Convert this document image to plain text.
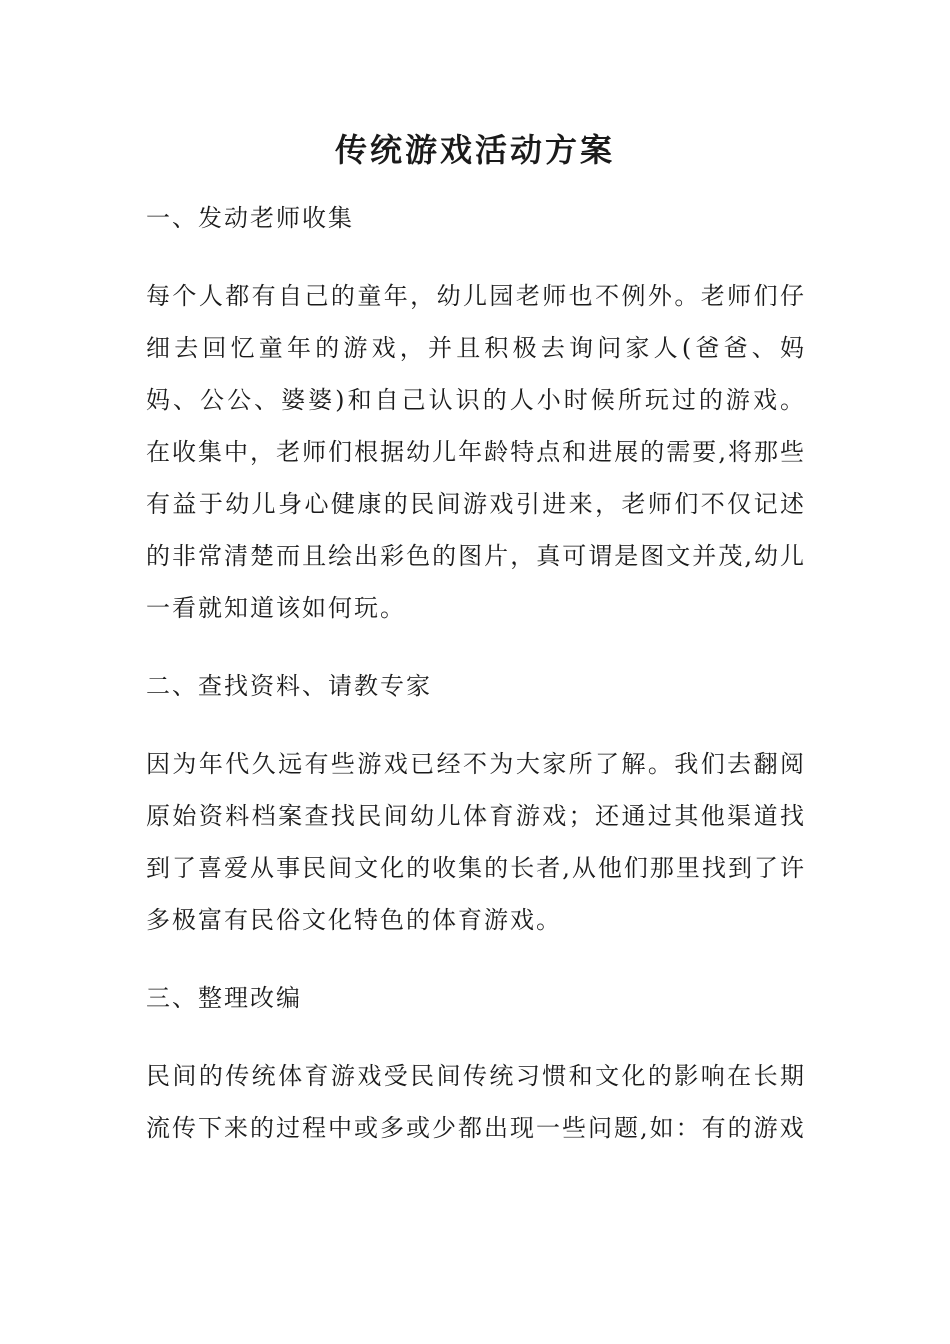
传统游戏活动方案
一、发动老师收集

每个人都有自己的童年，幼儿园老师也不例外。老师们仔细去回忆童年的游戏，并且积极去询问家人(爸爸、妈妈、公公、婆婆)和自己认识的人小时候所玩过的游戏。在收集中，老师们根据幼儿年龄特点和进展的需要,将那些有益于幼儿身心健康的民间游戏引进来，老师们不仅记述的非常清楚而且绘出彩色的图片，真可谓是图文并茂,幼儿一看就知道该如何玩。

二、查找资料、请教专家

因为年代久远有些游戏已经不为大家所了解。我们去翻阅原始资料档案查找民间幼儿体育游戏；还通过其他渠道找到了喜爱从事民间文化的收集的长者,从他们那里找到了许多极富有民俗文化特色的体育游戏。

三、整理改编

民间的传统体育游戏受民间传统习惯和文化的影响在长期流传下来的过程中或多或少都出现一些问题,如：有的游戏
